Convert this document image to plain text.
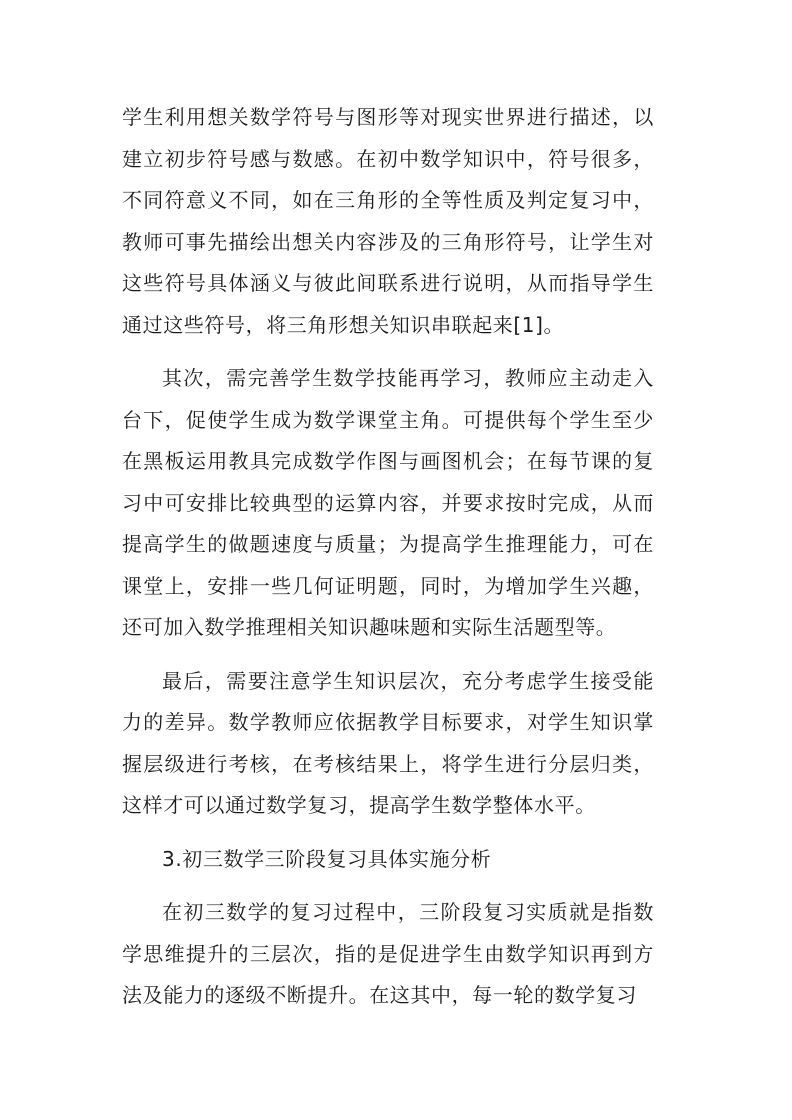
学生利用想关数学符号与图形等对现实世界进行描述，以建立初步符号感与数感。在初中数学知识中，符号很多，不同符意义不同，如在三角形的全等性质及判定复习中，教师可事先描绘出想关内容涉及的三角形符号，让学生对这些符号具体涵义与彼此间联系进行说明，从而指导学生通过这些符号，将三角形想关知识串联起来[1]。

其次，需完善学生数学技能再学习，教师应主动走入台下，促使学生成为数学课堂主角。可提供每个学生至少在黑板运用教具完成数学作图与画图机会；在每节课的复习中可安排比较典型的运算内容，并要求按时完成，从而提高学生的做题速度与质量；为提高学生推理能力，可在课堂上，安排一些几何证明题，同时，为增加学生兴趣，还可加入数学推理相关知识趣味题和实际生活题型等。

最后，需要注意学生知识层次，充分考虑学生接受能力的差异。数学教师应依据教学目标要求，对学生知识掌握层级进行考核，在考核结果上，将学生进行分层归类，这样才可以通过数学复习，提高学生数学整体水平。

3.初三数学三阶段复习具体实施分析

在初三数学的复习过程中，三阶段复习实质就是指数学思维提升的三层次，指的是促进学生由数学知识再到方法及能力的逐级不断提升。在这其中，每一轮的数学复习
